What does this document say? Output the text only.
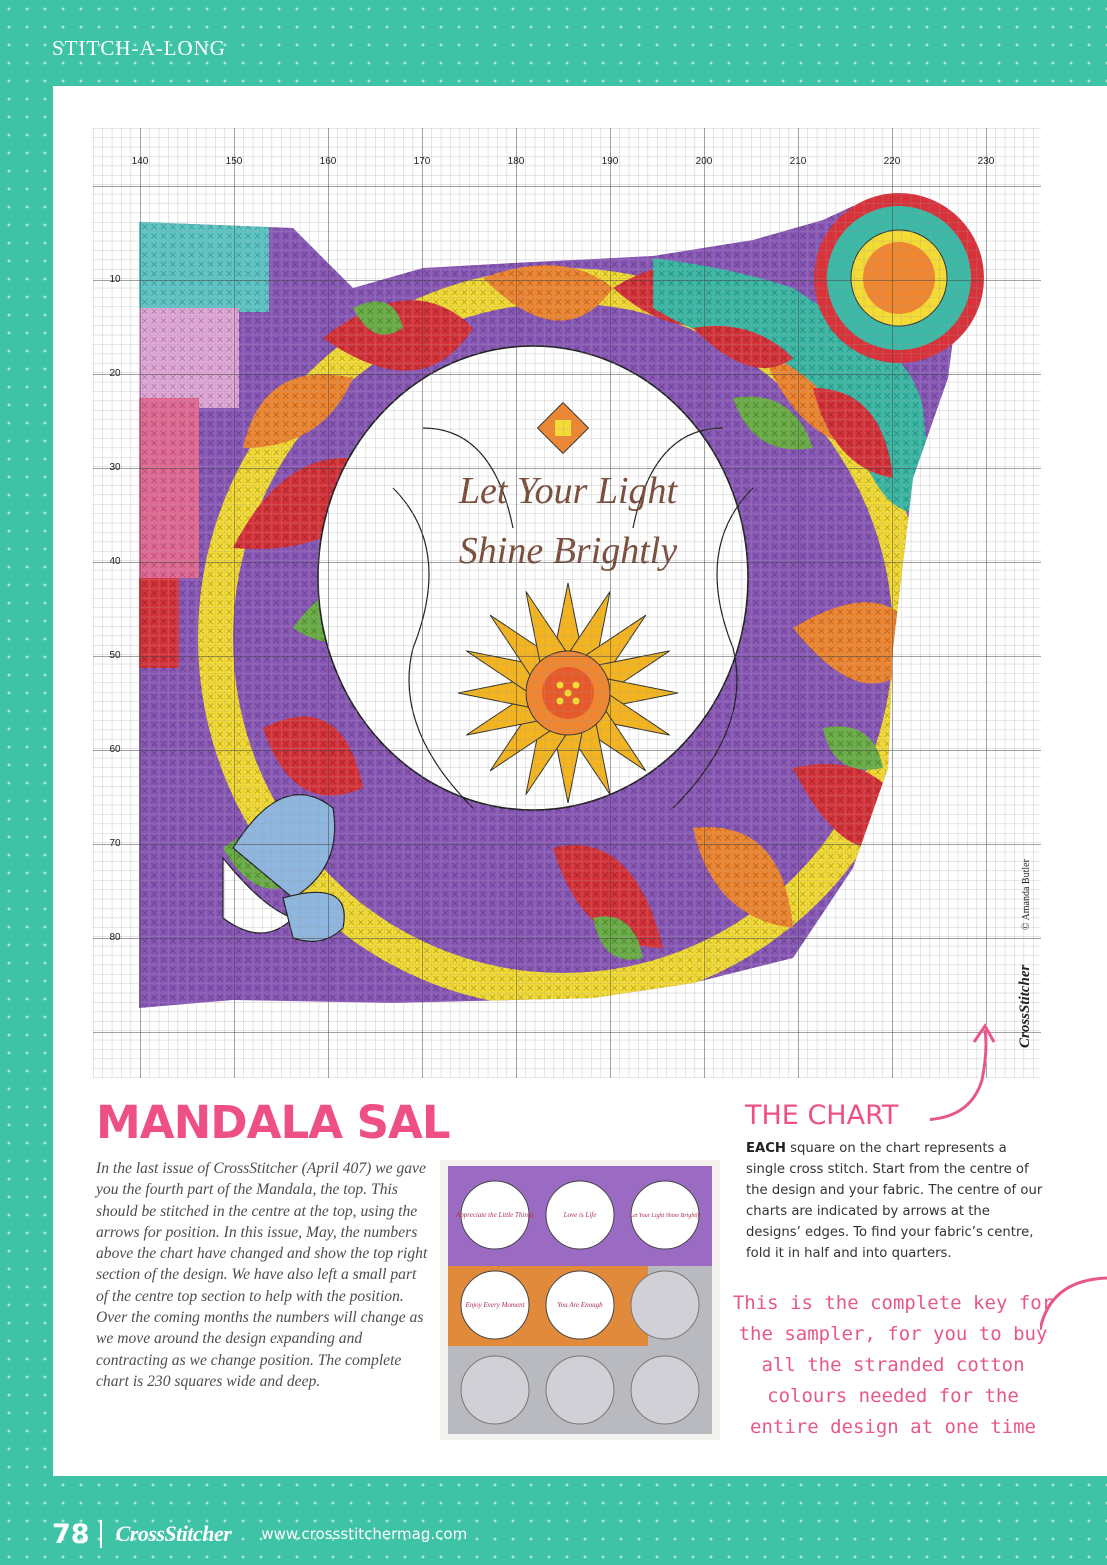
STITCH-A-LONG
140	150	160	170	180	190	200	210	220	230
10
20
30
40
50
60
70
80
CrossStitcher
© Amanda Butler
MANDALA SAL
In the last issue of CrossStitcher (April 407) we gave you the fourth part of the Mandala, the top. This should be stitched in the centre at the top, using the arrows for position. In this issue, May, the numbers above the chart have changed and show the top right section of the design. We have also left a small part of the centre top section to help with the position. Over the coming months the numbers will change as we move around the design expanding and contracting as we change position. The complete chart is 230 squares wide and deep.
Appreciate the Little Things	Love is Life	Let Your Light Shine Brightly
Enjoy Every Moment	You Are Enough
THE CHART
EACH square on the chart represents a single cross stitch. Start from the centre of the design and your fabric. The centre of our charts are indicated by arrows at the designs’ edges. To find your fabric’s centre, fold it in half and into quarters.
This is the complete key for the sampler, for you to buy all the stranded cotton colours needed for the entire design at one time
78 CrossStitcher www.crossstitchermag.com
